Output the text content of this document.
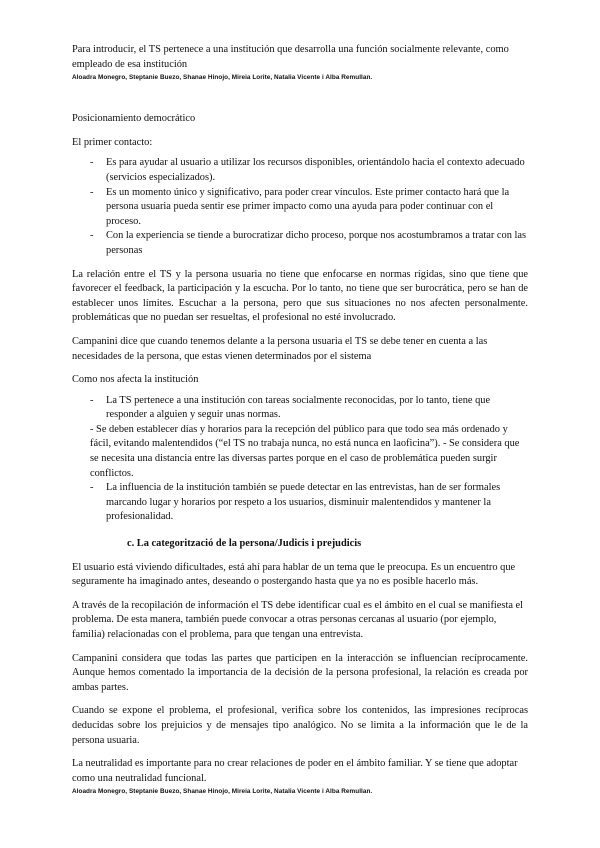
Para introducir, el TS pertenece a una institución que desarrolla una función socialmente relevante, como empleado de esa institución

Aloadra Monegro, Steptanie Buezo, Shanae Hinojo, Mireia Lorite, Natalia Vicente i Alba Remullan.

Posicionamiento democrático

El primer contacto:

- Es para ayudar al usuario a utilizar los recursos disponibles, orientándolo hacia el contexto adecuado (servicios especializados).
- Es un momento único y significativo, para poder crear vínculos. Este primer contacto hará que la persona usuaria pueda sentir ese primer impacto como una ayuda para poder continuar con el proceso.
- Con la experiencia se tiende a burocratizar dicho proceso, porque nos acostumbramos a tratar con las personas

La relación entre el TS y la persona usuaria no tiene que enfocarse en normas rígidas, sino que tiene que favorecer el feedback, la participación y la escucha. Por lo tanto, no tiene que ser burocrática, pero se han de establecer unos límites. Escuchar a la persona, pero que sus situaciones no nos afecten personalmente. problemáticas que no puedan ser resueltas, el profesional no esté involucrado.

Campanini dice que cuando tenemos delante a la persona usuaria el TS se debe tener en cuenta a las necesidades de la persona, que estas vienen determinados por el sistema

Como nos afecta la institución

- La TS pertenece a una institución con tareas socialmente reconocidas, por lo tanto, tiene que responder a alguien y seguir unas normas.

- Se deben establecer días y horarios para la recepción del público para que todo sea más ordenado y fácil, evitando malentendidos (“el TS no trabaja nunca, no está nunca en laoficina”). - Se considera que se necesita una distancia entre las diversas partes porque en el caso de problemática pueden surgir conflictos.

- La influencia de la institución también se puede detectar en las entrevistas, han de ser formales marcando lugar y horarios por respeto a los usuarios, disminuir malentendidos y mantener la profesionalidad.

c. La categorització de la persona/Judicis i prejudicis

El usuario está viviendo dificultades, está ahí para hablar de un tema que le preocupa. Es un encuentro que seguramente ha imaginado antes, deseando o postergando hasta que ya no es posible hacerlo más.

A través de la recopilación de información el TS debe identificar cual es el ámbito en el cual se manifiesta el problema. De esta manera, también puede convocar a otras personas cercanas al usuario (por ejemplo, familia) relacionadas con el problema, para que tengan una entrevista.

Campanini considera que todas las partes que participen en la interacción se influencian recíprocamente. Aunque hemos comentado la importancia de la decisión de la persona profesional, la relación es creada por ambas partes.

Cuando se expone el problema, el profesional, verifica sobre los contenidos, las impresiones recíprocas deducidas sobre los prejuicios y de mensajes tipo analógico. No se limita a la información que le de la persona usuaria.

La neutralidad es importante para no crear relaciones de poder en el ámbito familiar. Y se tiene que adoptar como una neutralidad funcional.

Aloadra Monegro, Steptanie Buezo, Shanae Hinojo, Mireia Lorite, Natalia Vicente i Alba Remullan.
